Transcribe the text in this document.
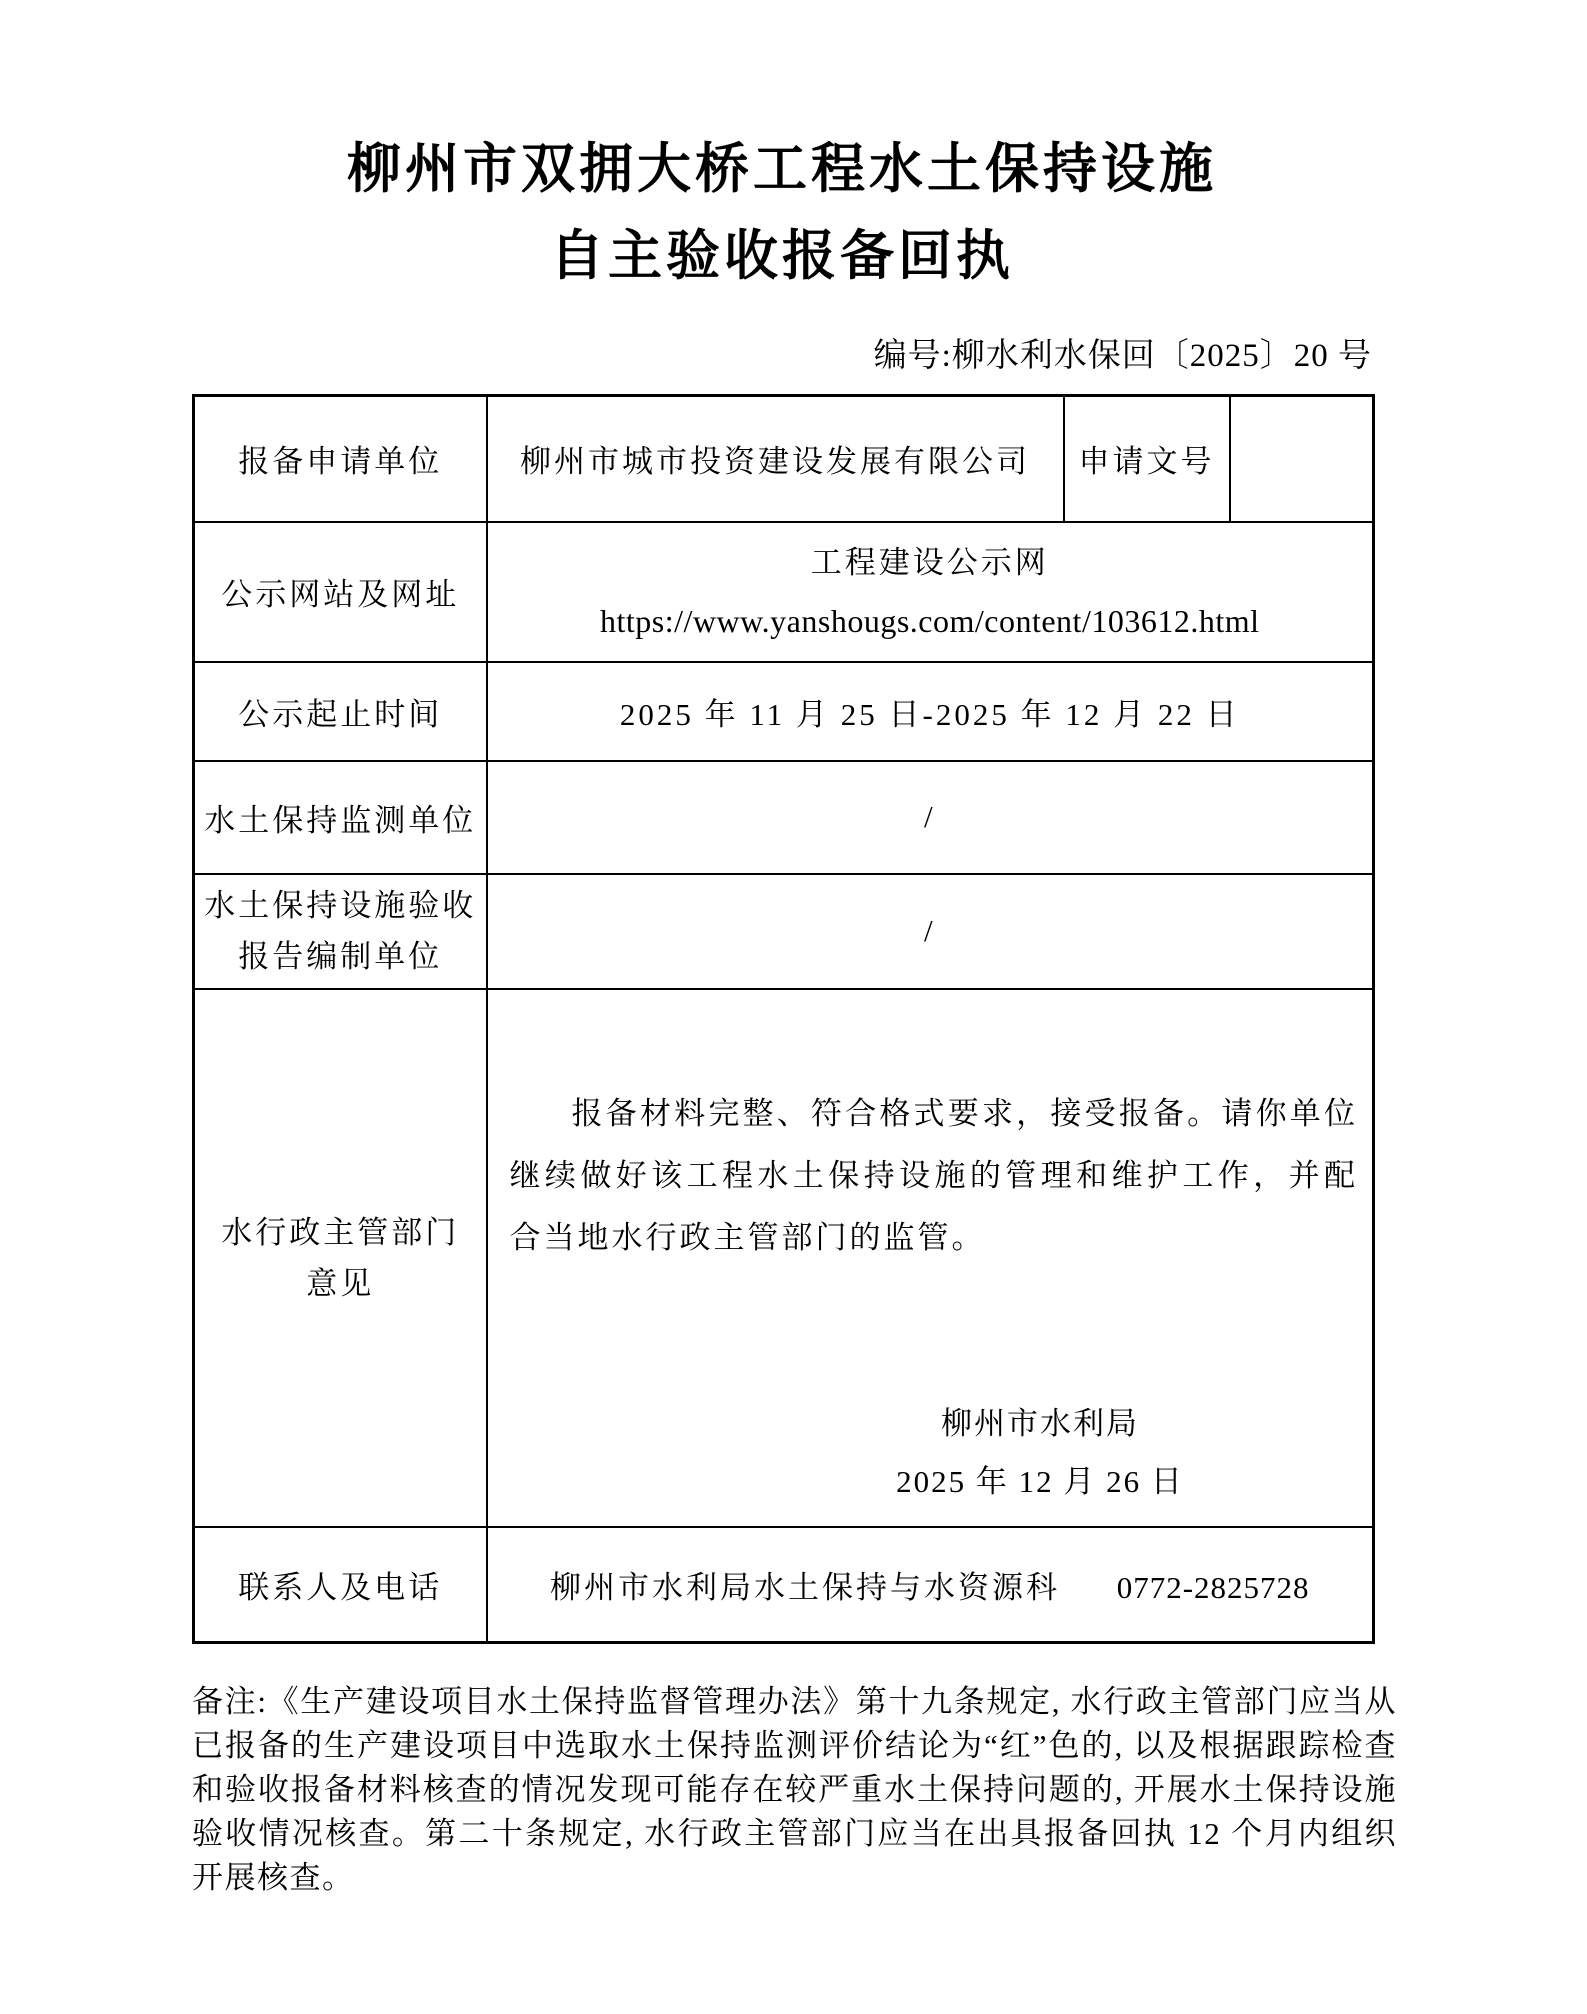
柳州市双拥大桥工程水土保持设施
自主验收报备回执
编号:柳水利水保回〔2025〕20 号
报备申请单位	柳州市城市投资建设发展有限公司	申请文号	
公示网站及网址	工程建设公示网
https://www.yanshougs.com/content/103612.html		

公示起止时间	2025 年 11 月 25 日-2025 年 12 月 22 日		
水土保持监测单位	/		

水土保持设施验收
报告编制单位	/		

水行政主管部门
意见

报备材料完整、符合格式要求，接受报备。请你单位继续做好该工程水土保持设施的管理和维护工作，并配合当地水行政主管部门的监管。

柳州市水利局
2025 年 12 月 26 日

联系人及电话	柳州市水利局水土保持与水资源科 0772-2825728		

备注:《生产建设项目水土保持监督管理办法》第十九条规定, 水行政主管部门应当从已报备的生产建设项目中选取水土保持监测评价结论为“红”色的, 以及根据跟踪检查和验收报备材料核查的情况发现可能存在较严重水土保持问题的, 开展水土保持设施验收情况核查。第二十条规定, 水行政主管部门应当在出具报备回执 12 个月内组织开展核查。
